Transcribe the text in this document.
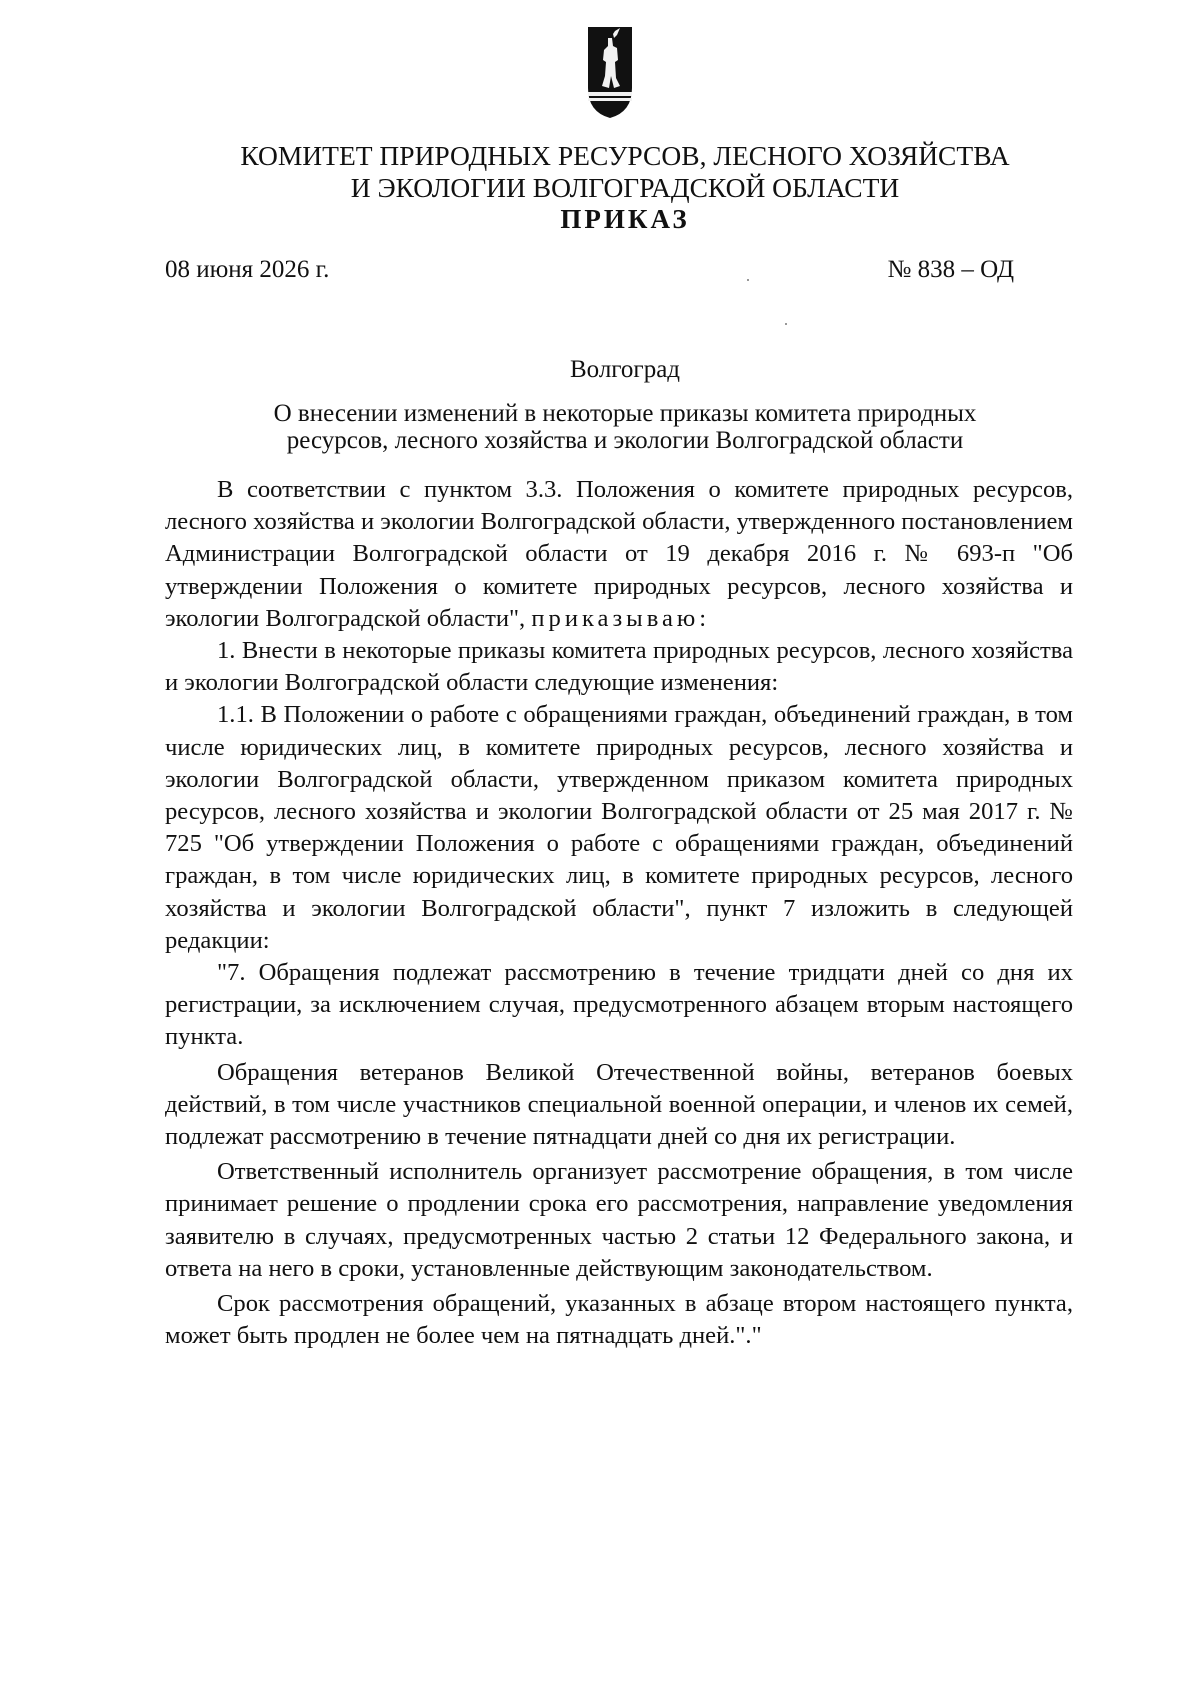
КОМИТЕТ ПРИРОДНЫХ РЕСУРСОВ, ЛЕСНОГО ХОЗЯЙСТВА
И ЭКОЛОГИИ ВОЛГОГРАДСКОЙ ОБЛАСТИ
ПРИКАЗ
08 июня 2026 г.	№ 838 – ОД
Волгоград
О внесении изменений в некоторые приказы комитета природных
ресурсов, лесного хозяйства и экологии Волгоградской области

В соответствии с пунктом 3.3. Положения о комитете природных ресурсов, лесного хозяйства и экологии Волгоградской области, утвержденного постановлением Администрации Волгоградской области от 19 декабря 2016 г. № 693-п "Об утверждении Положения о комитете природных ресурсов, лесного хозяйства и экологии Волгоградской области", приказываю:

1. Внести в некоторые приказы комитета природных ресурсов, лесного хозяйства и экологии Волгоградской области следующие изменения:

1.1. В Положении о работе с обращениями граждан, объединений граждан, в том числе юридических лиц, в комитете природных ресурсов, лесного хозяйства и экологии Волгоградской области, утвержденном приказом комитета природных ресурсов, лесного хозяйства и экологии Волгоградской области от 25 мая 2017 г. № 725 "Об утверждении Положения о работе с обращениями граждан, объединений граждан, в том числе юридических лиц, в комитете природных ресурсов, лесного хозяйства и экологии Волгоградской области", пункт 7 изложить в следующей редакции:

"7. Обращения подлежат рассмотрению в течение тридцати дней со дня их регистрации, за исключением случая, предусмотренного абзацем вторым настоящего пункта.

Обращения ветеранов Великой Отечественной войны, ветеранов боевых действий, в том числе участников специальной военной операции, и членов их семей, подлежат рассмотрению в течение пятнадцати дней со дня их регистрации.

Ответственный исполнитель организует рассмотрение обращения, в том числе принимает решение о продлении срока его рассмотрения, направление уведомления заявителю в случаях, предусмотренных частью 2 статьи 12 Федерального закона, и ответа на него в сроки, установленные действующим законодательством.

Срок рассмотрения обращений, указанных в абзаце втором настоящего пункта, может быть продлен не более чем на пятнадцать дней."."
